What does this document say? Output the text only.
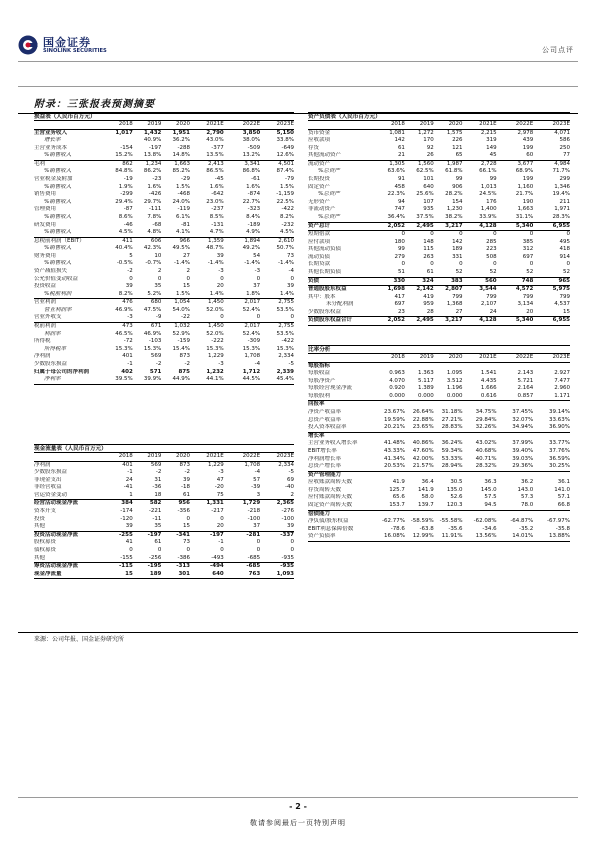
国金证券
SINOLINK SECURITIES	公司点评
附录：三张报表预测摘要
损益表（人民币百万元）
	2018	2019	2020	2021E	2022E	2023E
主营业务收入	1,017	1,432	1,951	2,790	3,850	5,150
增长率		40.9%	36.2%	43.0%	38.0%	33.8%
主营业务成本	-154	-197	-288	-377	-509	-649
%销售收入	15.2%	13.8%	14.8%	13.5%	13.2%	12.6%
毛利	862	1,234	1,663	2,413	3,341	4,501
%销售收入	84.8%	86.2%	85.2%	86.5%	86.8%	87.4%
营业税金及附加	-19	-23	-29	-45	-61	-79
%销售收入	1.9%	1.6%	1.5%	1.6%	1.6%	1.5%
销售费用	-299	-426	-468	-642	-874	-1,159
%销售收入	29.4%	29.7%	24.0%	23.0%	22.7%	22.5%
管理费用	-87	-111	-119	-237	-323	-422
%销售收入	8.6%	7.8%	6.1%	8.5%	8.4%	8.2%
研发费用	-46	-68	-81	-131	-189	-232
%销售收入	4.5%	4.8%	4.1%	4.7%	4.9%	4.5%
息税前利润（EBIT）	411	606	966	1,359	1,894	2,610
%销售收入	40.4%	42.3%	49.5%	48.7%	49.2%	50.7%
财务费用	5	10	27	39	54	73
%销售收入	-0.5%	-0.7%	-1.4%	-1.4%	-1.4%	-1.4%
资产减值损失	-2	2	2	-3	-3	-4
公允价值变动收益	0	0	0	0	0	0
投资收益	39	35	15	20	37	39
%税前利润	8.2%	5.2%	1.5%	1.4%	1.8%	1.4%
营业利润	476	680	1,054	1,450	2,017	2,755
营业利润率	46.9%	47.5%	54.0%	52.0%	52.4%	53.5%
营业外收支	-3	-9	-22	0	0	0
税前利润	473	671	1,032	1,450	2,017	2,755
利润率	46.5%	46.9%	52.9%	52.0%	52.4%	53.5%
所得税	-72	-103	-159	-222	-309	-422
所得税率	15.3%	15.3%	15.4%	15.3%	15.3%	15.3%
净利润	401	569	873	1,229	1,708	2,334
少数股东损益	-1	-2	-2	-3	-4	-5
归属于母公司的净利润	402	571	875	1,232	1,712	2,339
净利率	39.5%	39.9%	44.9%	44.1%	44.5%	45.4%
现金流量表（人民币百万元）
	2018	2019	2020	2021E	2022E	2023E
净利润	401	569	873	1,229	1,708	2,334
少数股东损益	-1	-2	-2	-3	-4	-5
非现金支出	24	31	39	47	57	69
非经营收益	-41	-36	-18	-20	-39	-40
营运资金变动	1	18	61	75	3	2
经营活动现金净流	384	582	956	1,331	1,729	2,365
资本开支	-174	-221	-356	-217	-218	-276
投资	-120	-11	0	0	-100	-100
其他	39	35	15	20	37	39
投资活动现金净流	-255	-197	-341	-197	-281	-337
股权募资	41	61	73	-1	0	0
债权募资	0	0	0	0	0	0
其他	-155	-256	-386	-493	-685	-935
筹资活动现金净流	-115	-195	-313	-494	-685	-935
现金净流量	15	189	301	640	763	1,093
资产负债表（人民币百万元）
	2018	2019	2020	2021E	2022E	2023E
货币资金	1,081	1,272	1,575	2,215	2,978	4,071
应收款项	142	170	226	319	439	586
存货	61	92	121	149	199	250
其他流动资产	21	26	65	45	60	77
流动资产	1,305	1,560	1,987	2,728	3,677	4,984
%总资产	63.6%	62.5%	61.8%	66.1%	68.9%	71.7%
长期投资	91	101	99	99	199	299
固定资产	458	640	906	1,013	1,160	1,346
%总资产	22.3%	25.6%	28.2%	24.5%	21.7%	19.4%
无形资产	94	107	154	176	190	211
非流动资产	747	935	1,230	1,400	1,663	1,971
%总资产	36.4%	37.5%	38.2%	33.9%	31.1%	28.3%
资产总计	2,052	2,495	3,217	4,128	5,340	6,955
短期借款	0	0	0	0	0	0
应付款项	180	148	142	285	385	495
其他流动负债	99	115	189	223	312	418
流动负债	279	263	331	508	697	914
长期贷款	0	0	0	0	0	0
其他长期负债	51	61	52	52	52	52
负债	330	324	383	560	748	965
普通股股东权益	1,698	2,142	2,807	3,544	4,572	5,975
其中：股本	417	419	799	799	799	799
未分配利润	697	959	1,368	2,107	3,134	4,537
少数股东权益	23	28	27	24	20	15
负债股东权益合计	2,052	2,495	3,217	4,128	5,340	6,955
比率分析
	2018	2019	2020	2021E	2022E	2023E
每股指标						
每股收益	0.963	1.363	1.095	1.541	2.143	2.927
每股净资产	4.070	5.117	3.512	4.435	5.721	7.477
每股经营现金净流	0.920	1.389	1.196	1.666	2.164	2.960
每股股利	0.000	0.000	0.000	0.616	0.857	1.171
回报率						
净资产收益率	23.67%	26.64%	31.18%	34.75%	37.45%	39.14%
总资产收益率	19.59%	22.88%	27.21%	29.84%	32.07%	33.63%
投入资本收益率	20.21%	23.65%	28.83%	32.26%	34.94%	36.90%
增长率						
主营业务收入增长率	41.48%	40.86%	36.24%	43.02%	37.99%	33.77%
EBIT增长率	43.33%	47.60%	59.34%	40.68%	39.40%	37.76%
净利润增长率	41.34%	42.00%	53.33%	40.71%	39.03%	36.59%
总资产增长率	20.53%	21.57%	28.94%	28.32%	29.36%	30.25%
资产管理能力						
应收账款周转天数	41.9	36.4	30.5	36.3	36.2	36.1
存货周转天数	125.7	141.9	135.0	145.0	143.0	141.0
应付账款周转天数	65.6	58.0	52.6	57.5	57.3	57.1
固定资产周转天数	153.7	139.7	120.3	94.5	78.0	66.8
偿债能力						
净负债/股东权益	-62.77%	-58.59%	-55.58%	-62.08%	-64.87%	-67.97%
EBIT利息保障倍数	-78.6	-63.8	-35.6	-34.6	-35.2	-35.8
资产负债率	16.08%	12.99%	11.91%	13.56%	14.01%	13.88%
来源：公司年报、国金证券研究所
- 2 -
敬请参阅最后一页特别声明
